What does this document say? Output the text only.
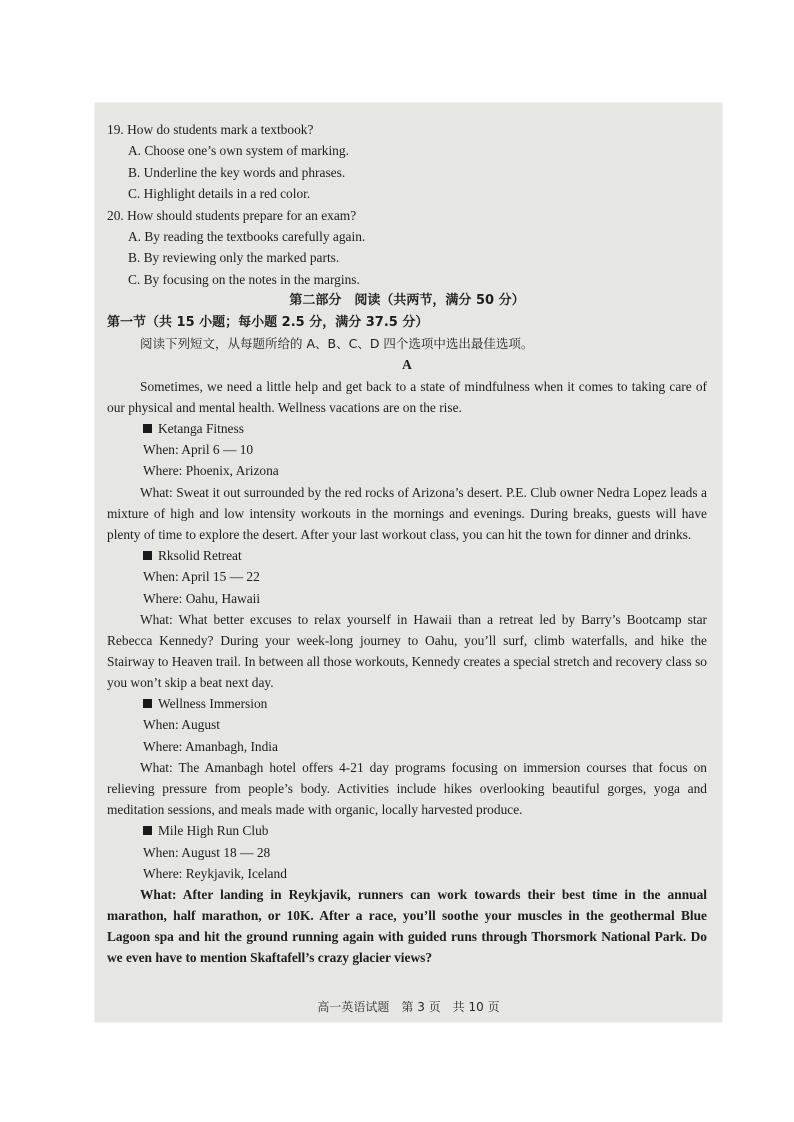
19. How do students mark a textbook?
A. Choose one’s own system of marking.
B. Underline the key words and phrases.
C. Highlight details in a red color.
20. How should students prepare for an exam?
A. By reading the textbooks carefully again.
B. By reviewing only the marked parts.
C. By focusing on the notes in the margins.
第二部分　阅读（共两节，满分 50 分）
第一节（共 15 小题；每小题 2.5 分，满分 37.5 分）
阅读下列短文，从每题所给的 A、B、C、D 四个选项中选出最佳选项。
A

Sometimes, we need a little help and get back to a state of mindfulness when it comes to taking care of our physical and mental health. Wellness vacations are on the rise.

Ketanga Fitness
When: April 6 — 10
Where: Phoenix, Arizona

What: Sweat it out surrounded by the red rocks of Arizona’s desert. P.E. Club owner Nedra Lopez leads a mixture of high and low intensity workouts in the mornings and evenings. During breaks, guests will have plenty of time to explore the desert. After your last workout class, you can hit the town for dinner and drinks.

Rksolid Retreat
When: April 15 — 22
Where: Oahu, Hawaii

What: What better excuses to relax yourself in Hawaii than a retreat led by Barry’s Bootcamp star Rebecca Kennedy? During your week-long journey to Oahu, you’ll surf, climb waterfalls, and hike the Stairway to Heaven trail. In between all those workouts, Kennedy creates a special stretch and recovery class so you won’t skip a beat next day.

Wellness Immersion
When: August
Where: Amanbagh, India

What: The Amanbagh hotel offers 4-21 day programs focusing on immersion courses that focus on relieving pressure from people’s body. Activities include hikes overlooking beautiful gorges, yoga and meditation sessions, and meals made with organic, locally harvested produce.

Mile High Run Club
When: August 18 — 28
Where: Reykjavik, Iceland

What: After landing in Reykjavik, runners can work towards their best time in the annual marathon, half marathon, or 10K. After a race, you’ll soothe your muscles in the geothermal Blue Lagoon spa and hit the ground running again with guided runs through Thorsmork National Park. Do we even have to mention Skaftafell’s crazy glacier views?

高一英语试题　第 3 页　共 10 页
